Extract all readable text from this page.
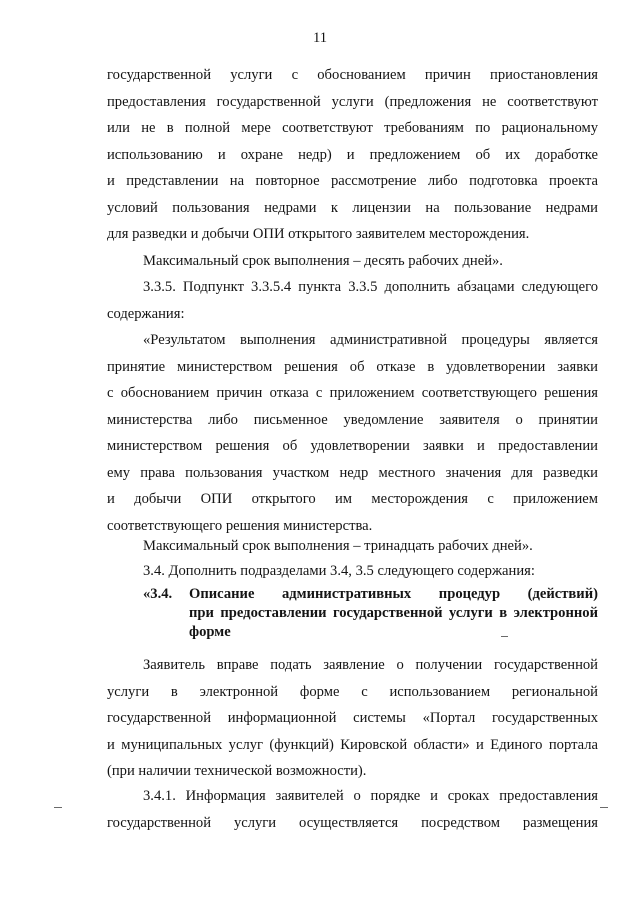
11
государственной услуги с обоснованием причин приостановления
предоставления государственной услуги (предложения не соответствуют
или не в полной мере соответствуют требованиям по рациональному
использованию и охране недр) и предложением об их доработке
и представлении на повторное рассмотрение либо подготовка проекта
условий пользования недрами к лицензии на пользование недрами
для разведки и добычи ОПИ открытого заявителем месторождения.
Максимальный срок выполнения – десять рабочих дней».
3.3.5. Подпункт 3.3.5.4 пункта 3.3.5 дополнить абзацами следующего
содержания:
«Результатом выполнения административной процедуры является
принятие министерством решения об отказе в удовлетворении заявки
с обоснованием причин отказа с приложением соответствующего решения
министерства либо письменное уведомление заявителя о принятии
министерством решения об удовлетворении заявки и предоставлении
ему права пользования участком недр местного значения для разведки
и добычи ОПИ открытого им месторождения с приложением
соответствующего решения министерства.
Максимальный срок выполнения – тринадцать рабочих дней».
3.4. Дополнить подразделами 3.4, 3.5 следующего содержания:
«3.4. Описание административных процедур (действий)
при предоставлении государственной услуги в электронной
форме
Заявитель вправе подать заявление о получении государственной
услуги в электронной форме с использованием региональной
государственной информационной системы «Портал государственных
и муниципальных услуг (функций) Кировской области» и Единого портала
(при наличии технической возможности).
3.4.1. Информация заявителей о порядке и сроках предоставления
государственной услуги осуществляется посредством размещения
